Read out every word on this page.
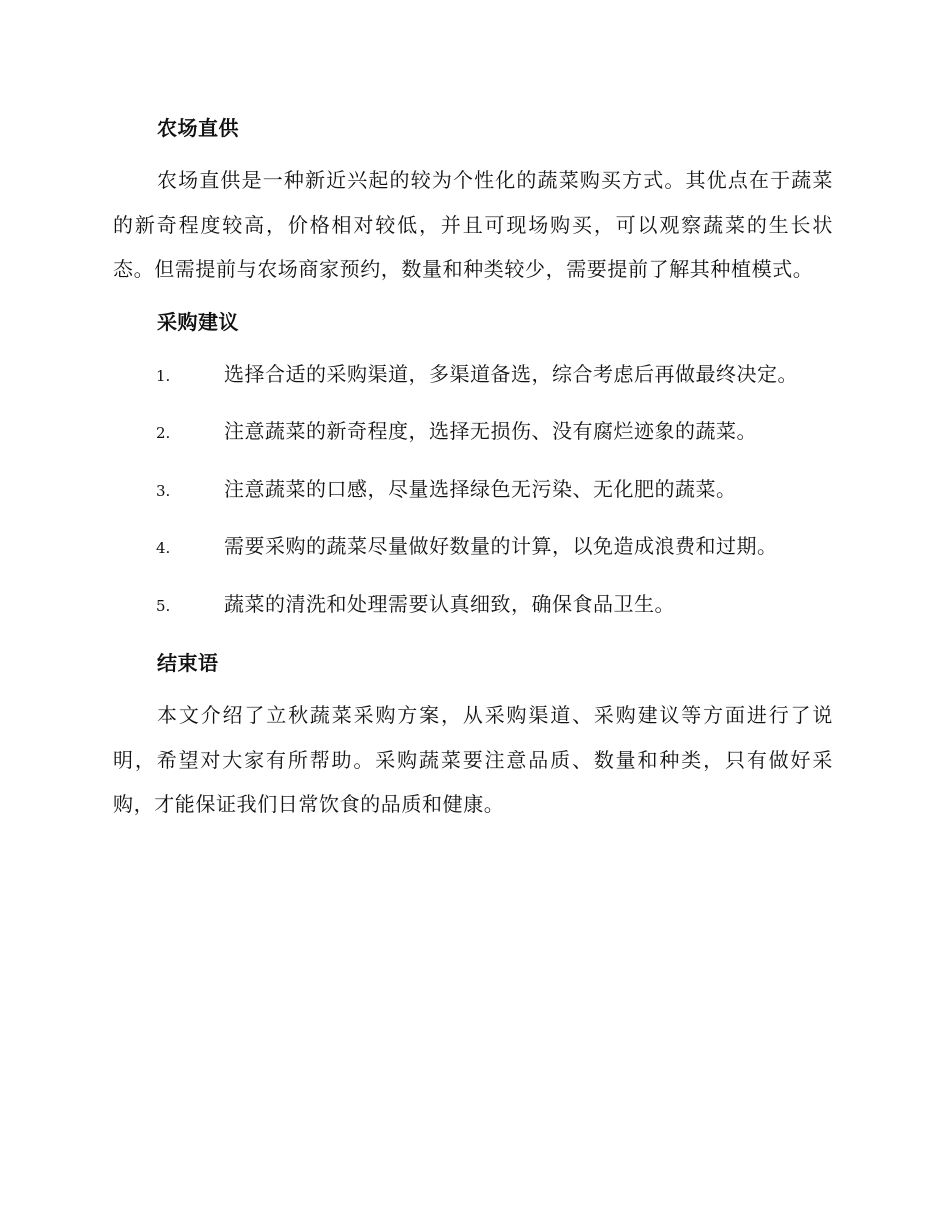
农场直供

农场直供是一种新近兴起的较为个性化的蔬菜购买方式。其优点在于蔬菜的新奇程度较高，价格相对较低，并且可现场购买，可以观察蔬菜的生长状态。但需提前与农场商家预约，数量和种类较少，需要提前了解其种植模式。

采购建议
1.	选择合适的采购渠道，多渠道备选，综合考虑后再做最终决定。
2.	注意蔬菜的新奇程度，选择无损伤、没有腐烂迹象的蔬菜。
3.	注意蔬菜的口感，尽量选择绿色无污染、无化肥的蔬菜。
4.	需要采购的蔬菜尽量做好数量的计算，以免造成浪费和过期。
5.	蔬菜的清洗和处理需要认真细致，确保食品卫生。
结束语

本文介绍了立秋蔬菜采购方案，从采购渠道、采购建议等方面进行了说明，希望对大家有所帮助。采购蔬菜要注意品质、数量和种类，只有做好采购，才能保证我们日常饮食的品质和健康。
